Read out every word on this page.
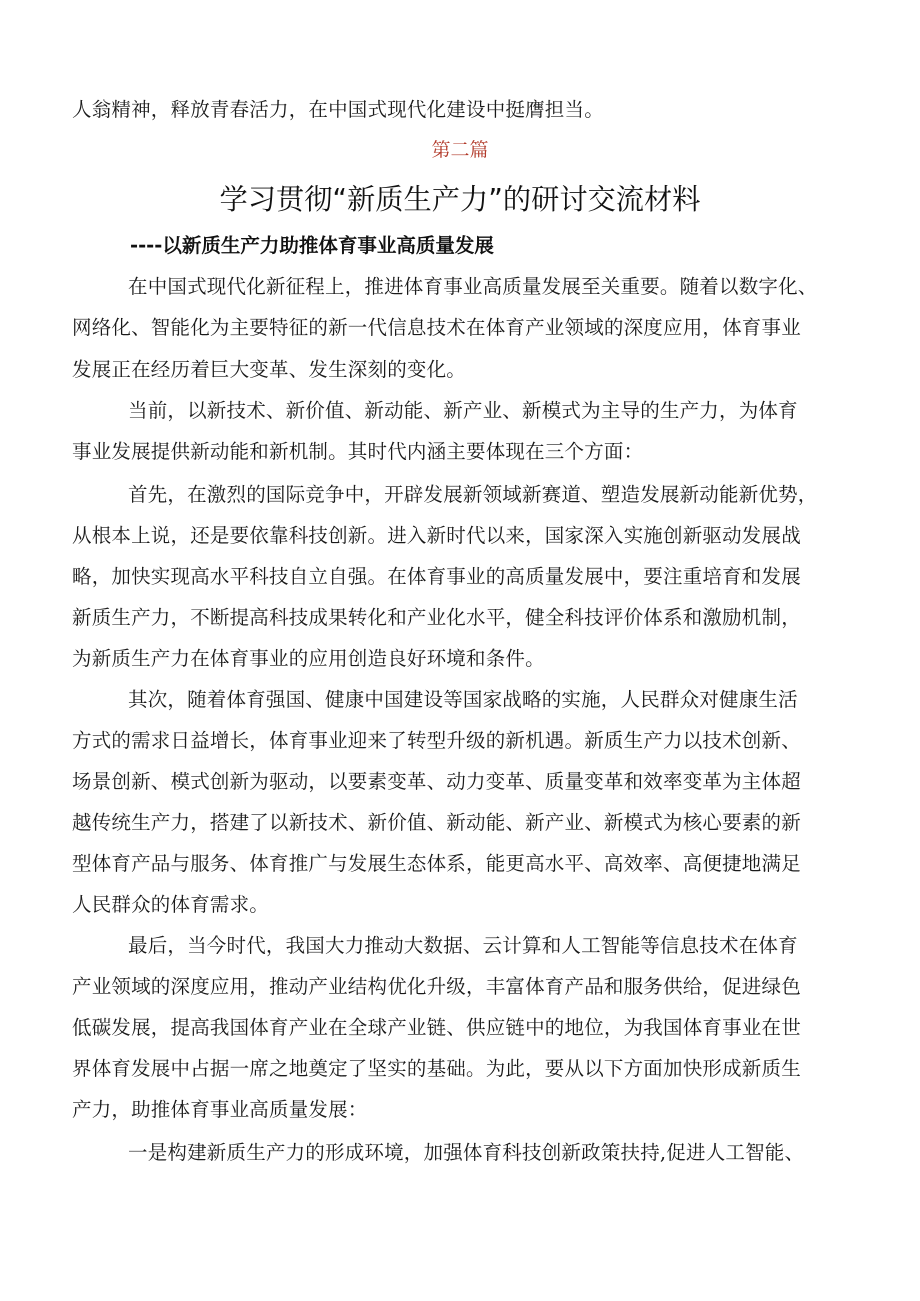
人翁精神，释放青春活力，在中国式现代化建设中挺膺担当。
第二篇
学习贯彻“新质生产力”的研讨交流材料
----以新质生产力助推体育事业高质量发展
在中国式现代化新征程上，推进体育事业高质量发展至关重要。随着以数字化、
网络化、智能化为主要特征的新一代信息技术在体育产业领域的深度应用，体育事业
发展正在经历着巨大变革、发生深刻的变化。
当前，以新技术、新价值、新动能、新产业、新模式为主导的生产力，为体育
事业发展提供新动能和新机制。其时代内涵主要体现在三个方面：
首先，在激烈的国际竞争中，开辟发展新领域新赛道、塑造发展新动能新优势，
从根本上说，还是要依靠科技创新。进入新时代以来，国家深入实施创新驱动发展战
略，加快实现高水平科技自立自强。在体育事业的高质量发展中，要注重培育和发展
新质生产力，不断提高科技成果转化和产业化水平，健全科技评价体系和激励机制，
为新质生产力在体育事业的应用创造良好环境和条件。
其次，随着体育强国、健康中国建设等国家战略的实施，人民群众对健康生活
方式的需求日益增长，体育事业迎来了转型升级的新机遇。新质生产力以技术创新、
场景创新、模式创新为驱动，以要素变革、动力变革、质量变革和效率变革为主体超
越传统生产力，搭建了以新技术、新价值、新动能、新产业、新模式为核心要素的新
型体育产品与服务、体育推广与发展生态体系，能更高水平、高效率、高便捷地满足
人民群众的体育需求。
最后，当今时代，我国大力推动大数据、云计算和人工智能等信息技术在体育
产业领域的深度应用，推动产业结构优化升级，丰富体育产品和服务供给，促进绿色
低碳发展，提高我国体育产业在全球产业链、供应链中的地位，为我国体育事业在世
界体育发展中占据一席之地奠定了坚实的基础。为此，要从以下方面加快形成新质生
产力，助推体育事业高质量发展：
一是构建新质生产力的形成环境，加强体育科技创新政策扶持,促进人工智能、
